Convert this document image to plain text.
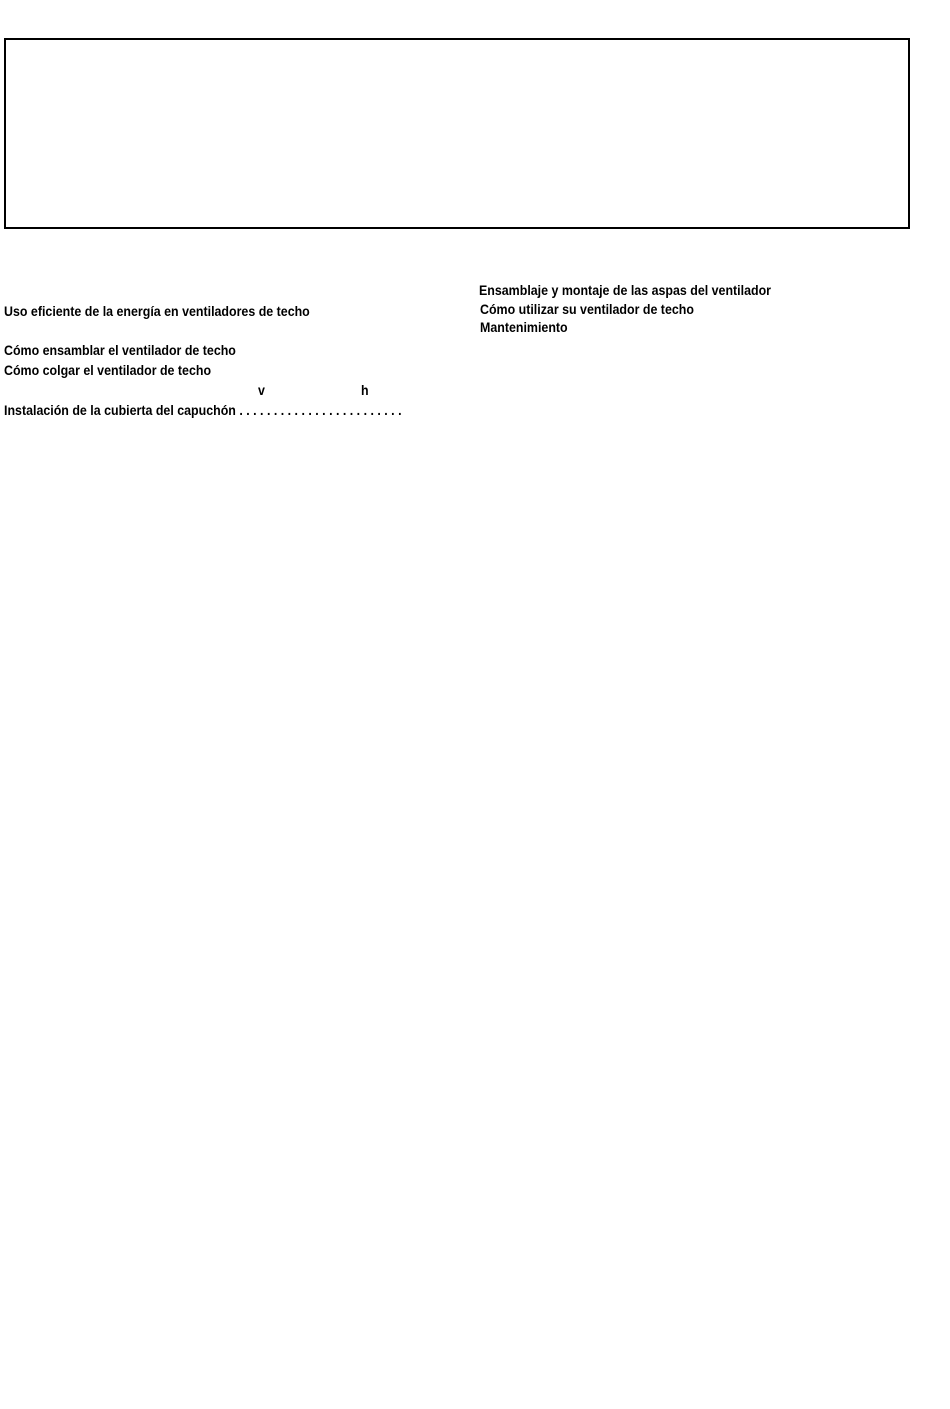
Uso eficiente de la energía en ventiladores de techo
Cómo ensamblar el ventilador de techo
Cómo colgar el ventilador de techo
v	h
Instalación de la cubierta del capuchón . . . . . . . . . . . . . . . . . . . . . . . .
Ensamblaje y montaje de las aspas del ventilador
Cómo utilizar su ventilador de techo
Mantenimiento
